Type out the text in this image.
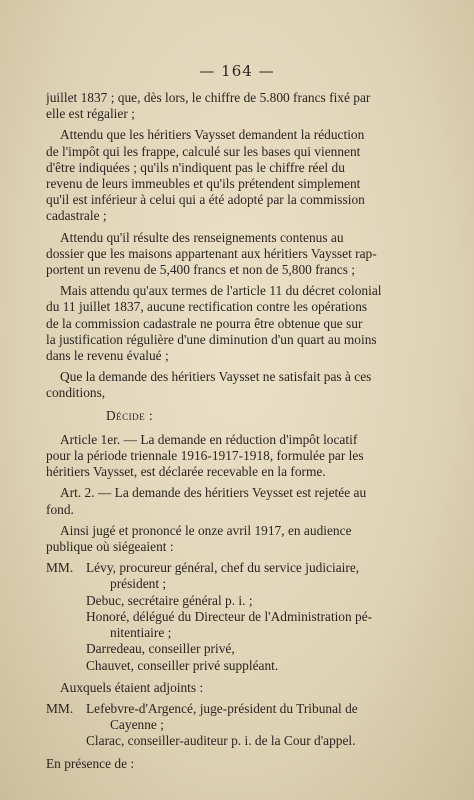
— 164 —

juillet 1837 ; que, dès lors, le chiffre de 5.800 francs fixé par
elle est régalier ;

Attendu que les héritiers Vaysset demandent la réduction
de l'impôt qui les frappe, calculé sur les bases qui viennent
d'être indiquées ; qu'ils n'indiquent pas le chiffre réel du
revenu de leurs immeubles et qu'ils prétendent simplement
qu'il est inférieur à celui qui a été adopté par la commission
cadastrale ;

Attendu qu'il résulte des renseignements contenus au
dossier que les maisons appartenant aux héritiers Vaysset rap-
portent un revenu de 5,400 francs et non de 5,800 francs ;

Mais attendu qu'aux termes de l'article 11 du décret colonial
du 11 juillet 1837, aucune rectification contre les opérations
de la commission cadastrale ne pourra être obtenue que sur
la justification régulière d'une diminution d'un quart au moins
dans le revenu évalué ;

Que la demande des héritiers Vaysset ne satisfait pas à ces
conditions,

Décide :

Article 1er. — La demande en réduction d'impôt locatif
pour la période triennale 1916-1917-1918, formulée par les
héritiers Vaysset, est déclarée recevable en la forme.

Art. 2. — La demande des héritiers Veysset est rejetée au
fond.

Ainsi jugé et prononcé le onze avril 1917, en audience
publique où siégeaient :

MM. Lévy, procureur général, chef du service judiciaire,
président ;
Debuc, secrétaire général p. i. ;
Honoré, délégué du Directeur de l'Administration pé-
nitentiaire ;
Darredeau, conseiller privé,
Chauvet, conseiller privé suppléant.

Auxquels étaient adjoints :

MM. Lefebvre-d'Argencé, juge-président du Tribunal de
Cayenne ;
Clarac, conseiller-auditeur p. i. de la Cour d'appel.

En présence de :
